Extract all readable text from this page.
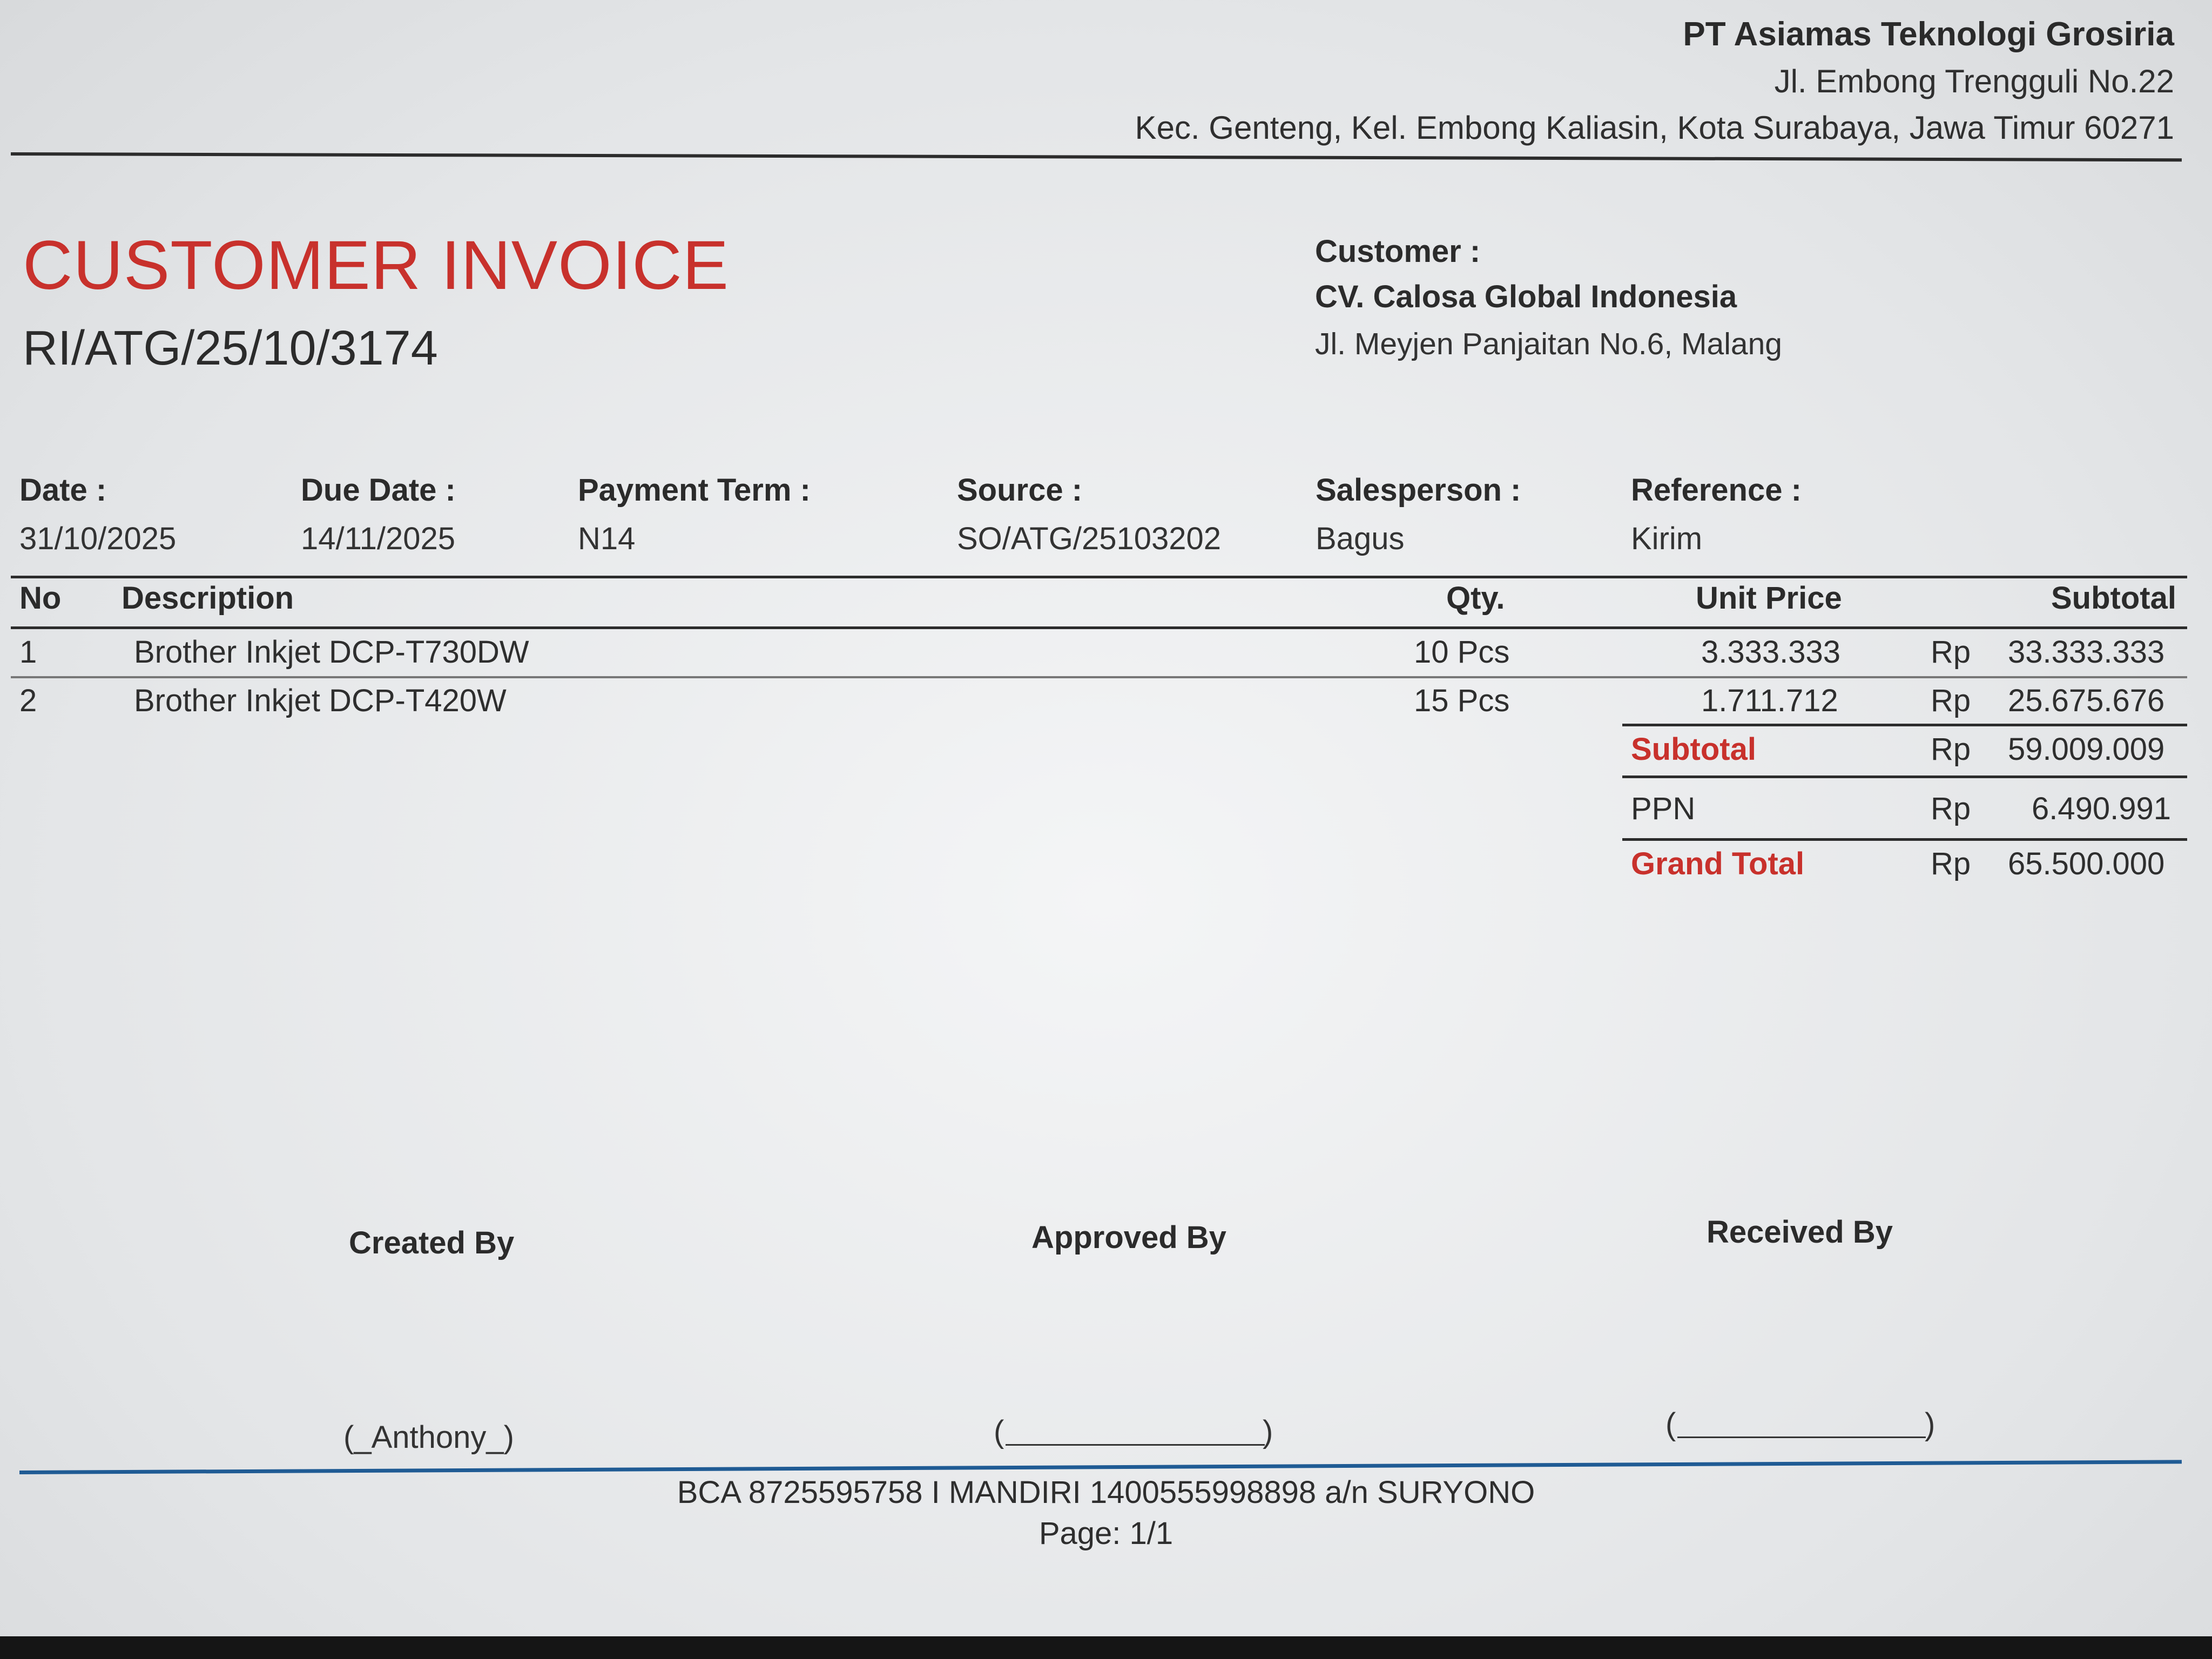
PT Asiamas Teknologi Grosiria
Jl. Embong Trengguli No.22
Kec. Genteng, Kel. Embong Kaliasin, Kota Surabaya, Jawa Timur 60271
CUSTOMER INVOICE
RI/ATG/25/10/3174
Customer :
CV. Calosa Global Indonesia
Jl. Meyjen Panjaitan No.6, Malang
Date :
31/10/2025
Due Date :
14/11/2025
Payment Term :
N14
Source :
SO/ATG/25103202
Salesperson :
Bagus
Reference :
Kirim
No Description	Qty.	Unit Price	Subtotal
1	Brother Inkjet DCP-T730DW	10 Pcs	3.333.333	Rp 33.333.333
2	Brother Inkjet DCP-T420W	15 Pcs	1.711.712	Rp 25.675.676
Subtotal	Rp 59.009.009
PPN	Rp 6.490.991
Grand Total	Rp 65.500.000
Created By
(_Anthony_)
Approved By
(	)
Received By
(	)
BCA 8725595758 I MANDIRI 1400555998898 a/n SURYONO
Page: 1/1
